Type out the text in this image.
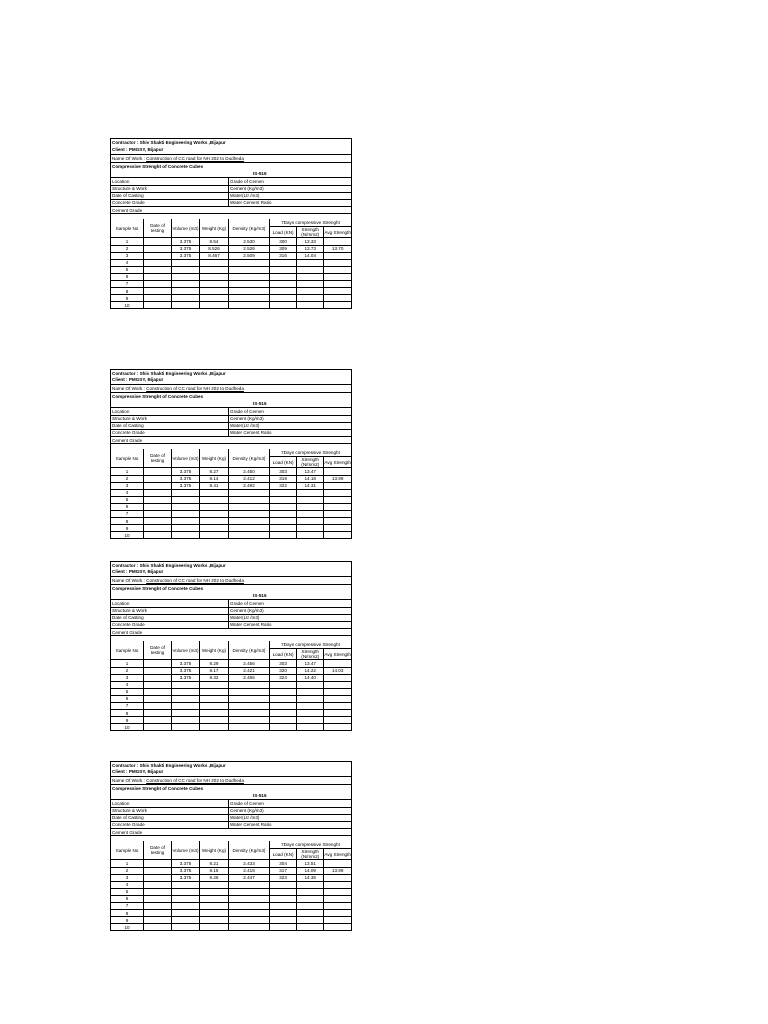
Contractor : Shiv Shakti Engineering Works ,Bijapur
Client : PMGSY, Bijapur
Name Of Work : Construction of CC road for NH 202 to Dudheda
Compressive Strenght of Concrete Cubes
IS-516
Location	Grade of Cemen
Structure & Work	Cement (Kg/m3)
Date of Casting	Water(Ltr /m3)
Concrete Grade	Water Cement Ratio
Cement Grade	
Sample No	Date of testing	Volume (m3)	Weight (Kg)	Density (Kg/m3)	7Days compressive Strenght		
					Load (KN)	Strength (N/mm2)	Avg Strength
1		3.375	8.54	2.530	300	13.33	
2		3.375	8.526	2.526	309	13.73	13.70
3		3.375	8.467	2.509	316	14.04	
4							
5							
6							
7							
8							
9							
10							
Contractor : Shiv Shakti Engineering Works ,Bijapur
Client : PMGSY, Bijapur
Name Of Work : Construction of CC road for NH 202 to Dudheda
Compressive Strenght of Concrete Cubes
IS-516
Location	Grade of Cemen
Structure & Work	Cement (Kg/m3)
Date of Casting	Water(Ltr /m3)
Concrete Grade	Water Cement Ratio
Cement Grade	
Sample No	Date of testing	Volume (m3)	Weight (Kg)	Density (Kg/m3)	7Days compressive Strenght		
					Load (KN)	Strength (N/mm2)	Avg Strength
1		3.375	8.27	2.450	303	13.47	
2		3.375	8.14	2.412	319	14.18	13.99
3		3.375	8.41	2.492	322	14.31	
4							
5							
6							
7							
8							
9							
10							
Contractor : Shiv Shakti Engineering Works ,Bijapur
Client : PMGSY, Bijapur
Name Of Work : Construction of CC road for NH 202 to Dudheda
Compressive Strenght of Concrete Cubes
IS-516
Location	Grade of Cemen
Structure & Work	Cement (Kg/m3)
Date of Casting	Water(Ltr /m3)
Concrete Grade	Water Cement Ratio
Cement Grade	
Sample No	Date of testing	Volume (m3)	Weight (Kg)	Density (Kg/m3)	7Days compressive Strenght		
					Load (KN)	Strength (N/mm2)	Avg Strength
1		3.375	8.29	2.456	303	13.47	
2		3.375	8.17	2.421	320	14.22	14.03
3		3.375	8.32	2.465	324	14.40	
4							
5							
6							
7							
8							
9							
10							
Contractor : Shiv Shakti Engineering Works ,Bijapur
Client : PMGSY, Bijapur
Name Of Work : Construction of CC road for NH 202 to Dudheda
Compressive Strenght of Concrete Cubes
IS-516
Location	Grade of Cemen
Structure & Work	Cement (Kg/m3)
Date of Casting	Water(Ltr /m3)
Concrete Grade	Water Cement Ratio
Cement Grade	
Sample No	Date of testing	Volume (m3)	Weight (Kg)	Density (Kg/m3)	7Days compressive Strenght		
					Load (KN)	Strength (N/mm2)	Avg Strength
1		3.375	8.21	2.433	304	13.51	
2		3.375	8.15	2.415	317	14.09	13.99
3		3.375	8.26	2.447	323	14.36	
4							
5							
6							
7							
8							
9							
10							
